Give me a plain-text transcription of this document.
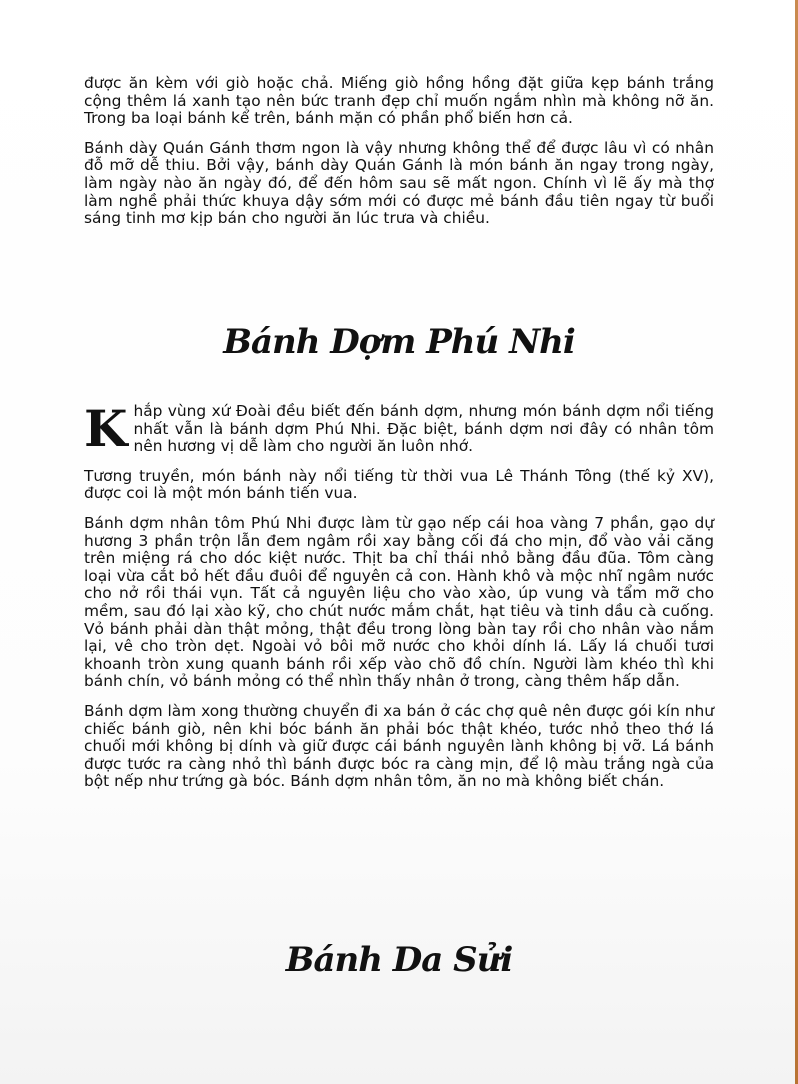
được ăn kèm với giò hoặc chả. Miếng giò hồng hồng đặt giữa kẹp bánh trắng cộng thêm lá xanh tạo nên bức tranh đẹp chỉ muốn ngắm nhìn mà không nỡ ăn. Trong ba loại bánh kể trên, bánh mặn có phần phổ biến hơn cả.

Bánh dày Quán Gánh thơm ngon là vậy nhưng không thể để được lâu vì có nhân đỗ mỡ dễ thiu. Bởi vậy, bánh dày Quán Gánh là món bánh ăn ngay trong ngày, làm ngày nào ăn ngày đó, để đến hôm sau sẽ mất ngon. Chính vì lẽ ấy mà thợ làm nghề phải thức khuya dậy sớm mới có được mẻ bánh đầu tiên ngay từ buổi sáng tinh mơ kịp bán cho người ăn lúc trưa và chiều.

Bánh Dợm Phú Nhi

Khắp vùng xứ Đoài đều biết đến bánh dợm, nhưng món bánh dợm nổi tiếng nhất vẫn là bánh dợm Phú Nhi. Đặc biệt, bánh dợm nơi đây có nhân tôm nên hương vị dễ làm cho người ăn luôn nhớ.

Tương truyền, món bánh này nổi tiếng từ thời vua Lê Thánh Tông (thế kỷ XV), được coi là một món bánh tiến vua.

Bánh dợm nhân tôm Phú Nhi được làm từ gạo nếp cái hoa vàng 7 phần, gạo dự hương 3 phần trộn lẫn đem ngâm rồi xay bằng cối đá cho mịn, đổ vào vải căng trên miệng rá cho dóc kiệt nước. Thịt ba chỉ thái nhỏ bằng đầu đũa. Tôm càng loại vừa cắt bỏ hết đầu đuôi để nguyên cả con. Hành khô và mộc nhĩ ngâm nước cho nở rồi thái vụn. Tất cả nguyên liệu cho vào xào, úp vung và tẩm mỡ cho mềm, sau đó lại xào kỹ, cho chút nước mắm chắt, hạt tiêu và tinh dầu cà cuống. Vỏ bánh phải dàn thật mỏng, thật đều trong lòng bàn tay rồi cho nhân vào nắm lại, vê cho tròn dẹt. Ngoài vỏ bôi mỡ nước cho khỏi dính lá. Lấy lá chuối tươi khoanh tròn xung quanh bánh rồi xếp vào chõ đồ chín. Người làm khéo thì khi bánh chín, vỏ bánh mỏng có thể nhìn thấy nhân ở trong, càng thêm hấp dẫn.

Bánh dợm làm xong thường chuyển đi xa bán ở các chợ quê nên được gói kín như chiếc bánh giò, nên khi bóc bánh ăn phải bóc thật khéo, tước nhỏ theo thớ lá chuối mới không bị dính và giữ được cái bánh nguyên lành không bị vỡ. Lá bánh được tước ra càng nhỏ thì bánh được bóc ra càng mịn, để lộ màu trắng ngà của bột nếp như trứng gà bóc. Bánh dợm nhân tôm, ăn no mà không biết chán.

Bánh Da Sửi
